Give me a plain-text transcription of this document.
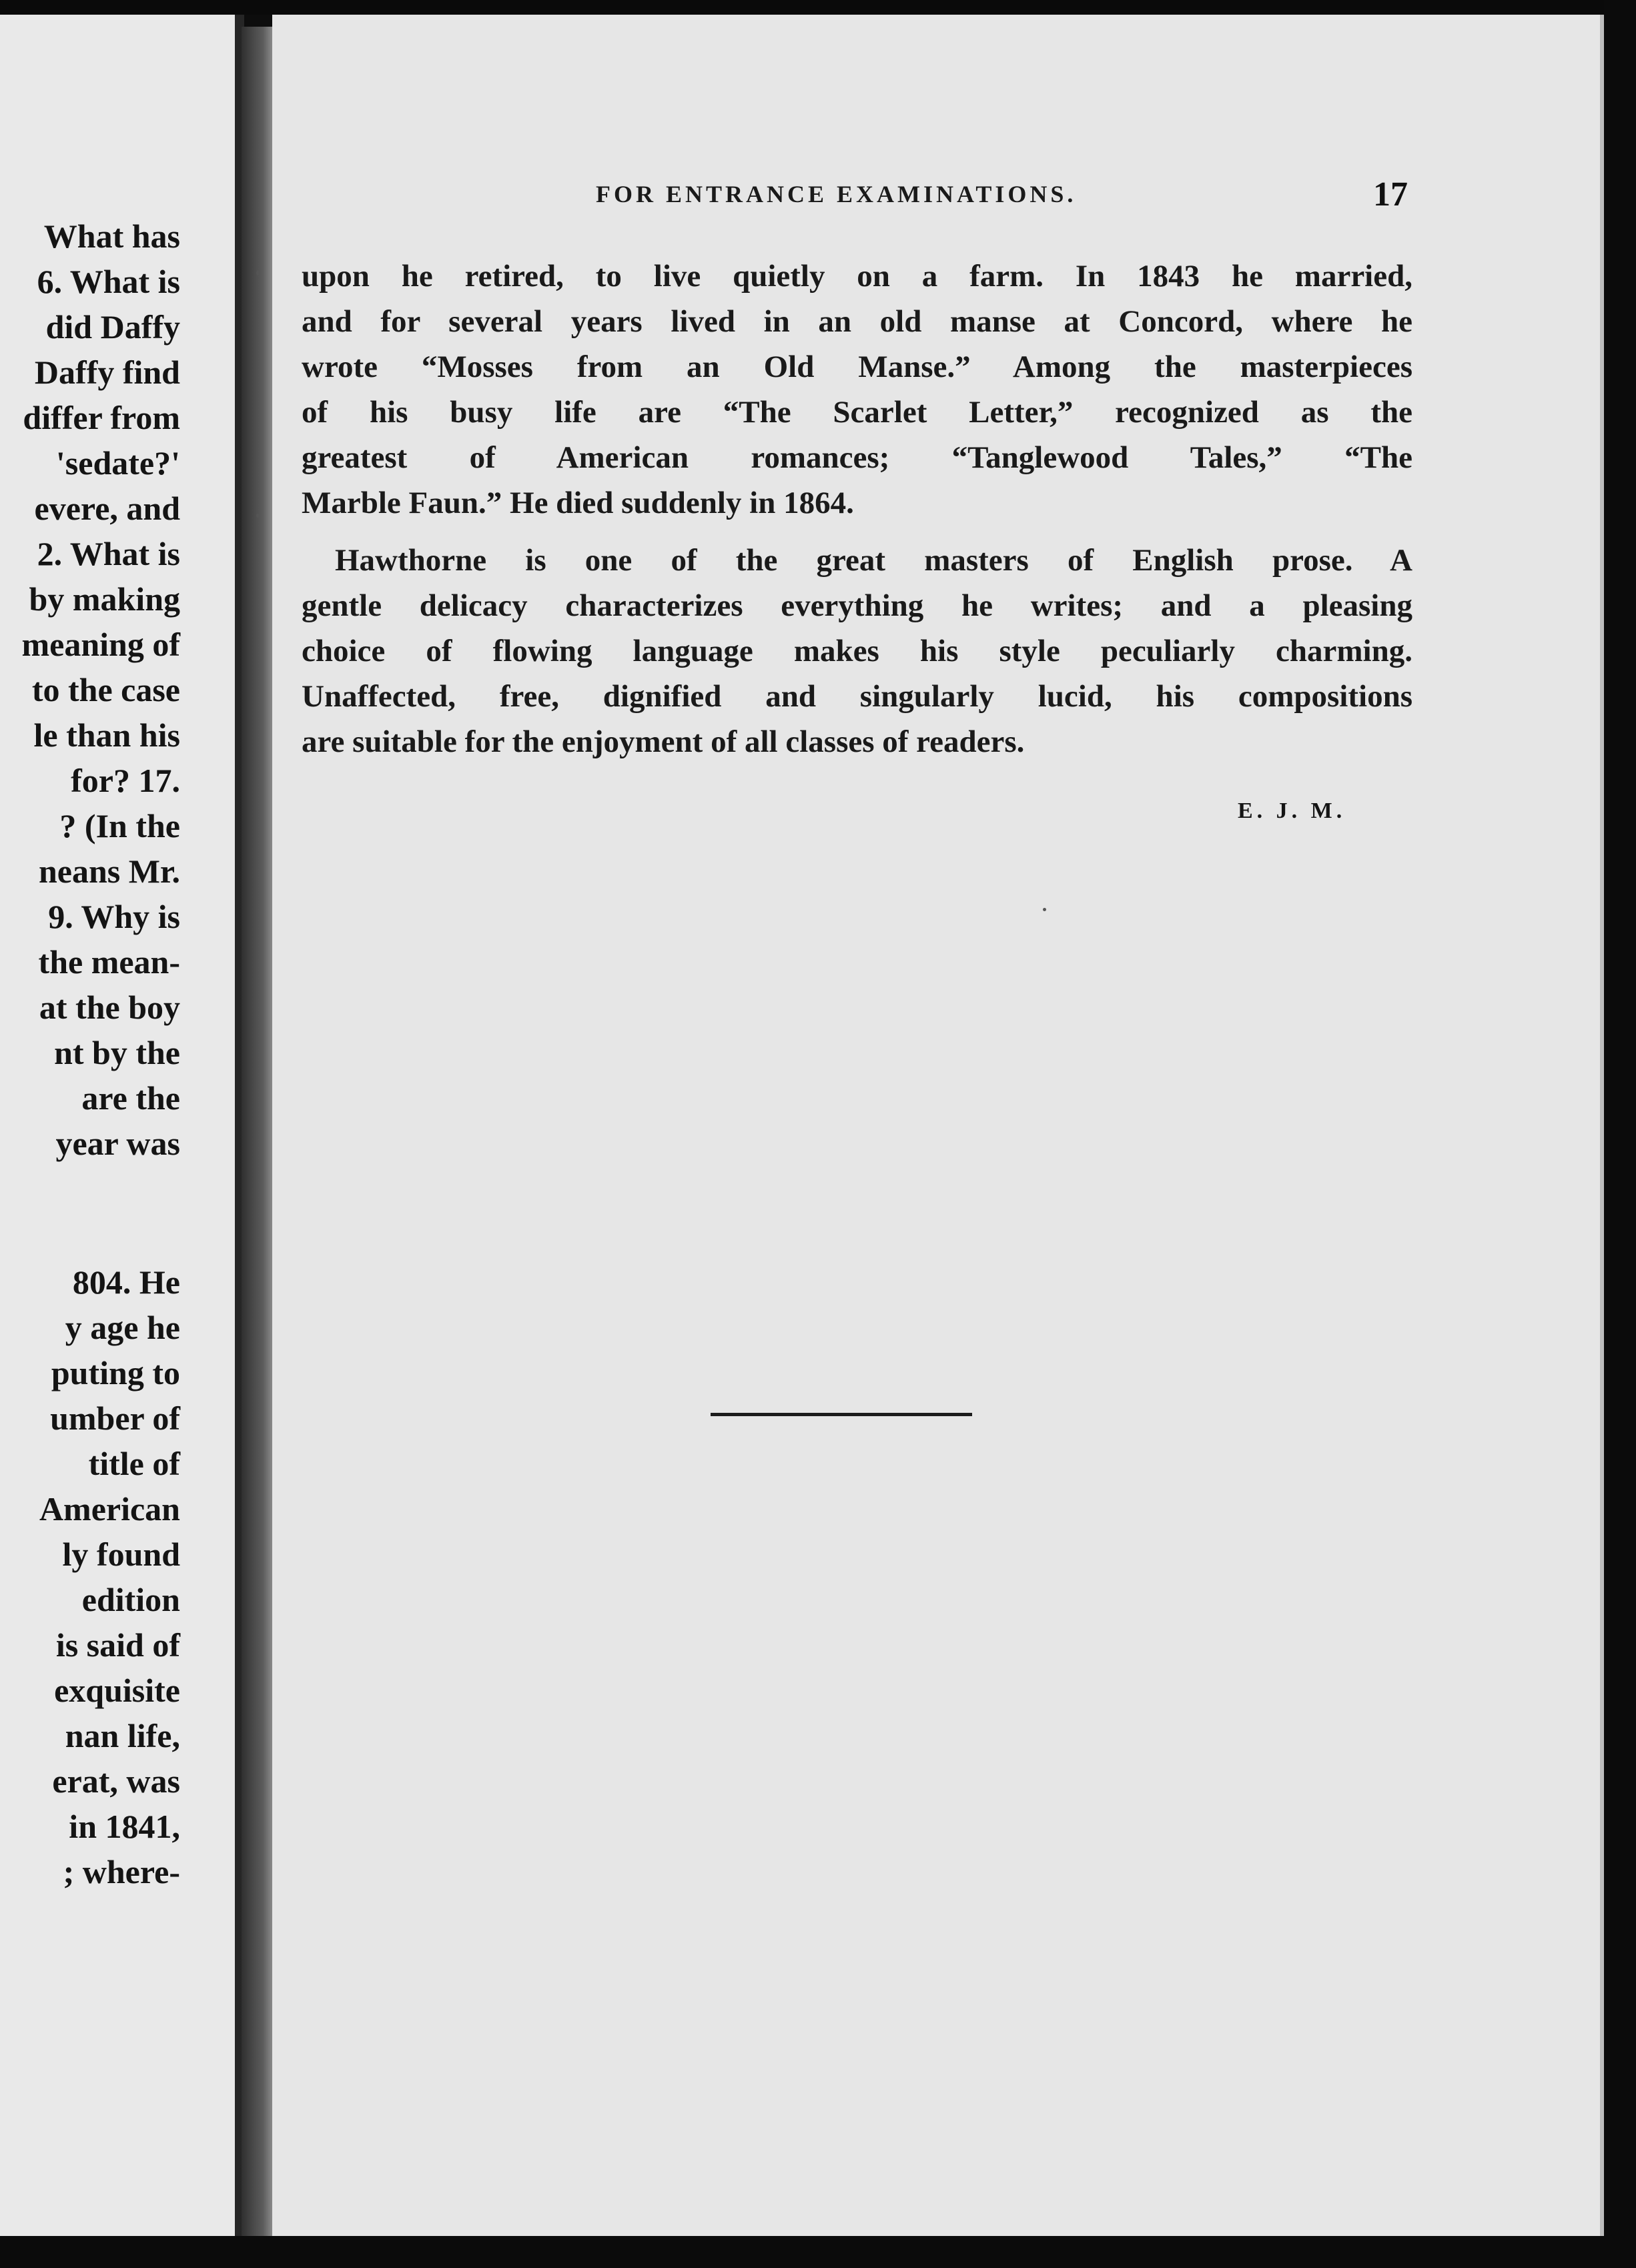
What has
6. What is
did Daffy
Daffy find
differ from
'sedate?'
evere, and
2. What is
by making
meaning of
to the case
le than his
for? 17.
? (In the
neans Mr.
9. Why is
the mean-
at the boy
nt by the
are the
year was
804. He
y age he
puting to
umber of
title of
American
ly found
edition
is said of
exquisite
nan life,
erat, was
in 1841,
; where-
FOR ENTRANCE EXAMINATIONS.	17
upon he retired, to live quietly on a farm. In 1843 he married,
and for several years lived in an old manse at Concord, where he
wrote “Mosses from an Old Manse.” Among the masterpieces
of his busy life are “The Scarlet Letter,” recognized as the
greatest of American romances; “Tanglewood Tales,” “The
Marble Faun.” He died suddenly in 1864.
Hawthorne is one of the great masters of English prose. A
gentle delicacy characterizes everything he writes; and a pleasing
choice of flowing language makes his style peculiarly charming.
Unaffected, free, dignified and singularly lucid, his compositions
are suitable for the enjoyment of all classes of readers.
E. J. M.
